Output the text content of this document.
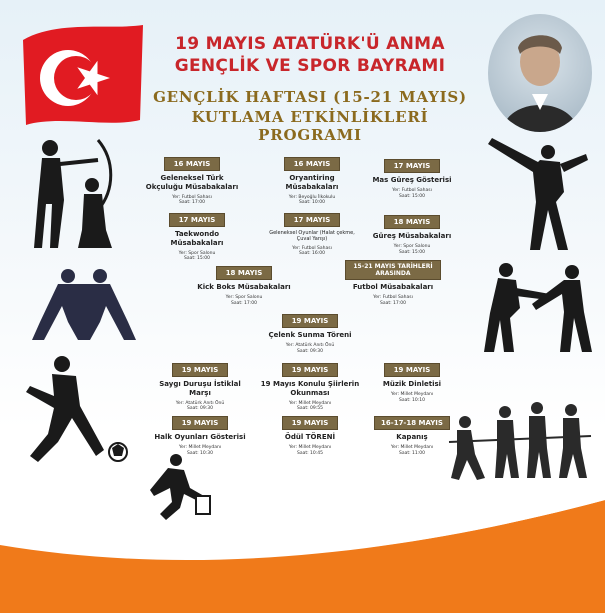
19 MAYIS ATATÜRK'Ü ANMA
GENÇLİK VE SPOR BAYRAMI
GENÇLİK HAFTASI (15-21 MAYIS)
KUTLAMA ETKİNLİKLERİ PROGRAMI
16 MAYIS
Geleneksel Türk Okçuluğu Müsabakaları
Yer: Futbol Sahası
Saat: 17:00
16 MAYIS
Oryantiring Müsabakaları
Yer: Beyoğlu İlkokulu
Saat: 10:00
17 MAYIS
Mas Güreş Gösterisi
Yer: Futbol Sahası
Saat: 15:00
17 MAYIS
Taekwondo Müsabakaları
Yer: Spor Salonu
Saat: 15:00
17 MAYIS
Geleneksel Oyunlar (Halat çekme, Çuval Yarışı)
Yer: Futbol Sahası
Saat: 16:00
18 MAYIS
Güreş Müsabakaları
Yer: Spor Salonu
Saat: 15:00
18 MAYIS
Kick Boks Müsabakaları
Yer: Spor Salonu
Saat: 17:00
15-21 MAYIS TARİHLERİ ARASINDA
Futbol Müsabakaları
Yer: Futbol Sahası
Saat: 17:00
19 MAYIS
Çelenk Sunma Töreni
Yer: Atatürk Anıtı Önü
Saat: 09:30
19 MAYIS
Saygı Duruşu İstiklal Marşı
Yer: Atatürk Anıtı Önü
Saat: 09:30
19 MAYIS
19 Mayıs Konulu Şiirlerin Okunması
Yer: Millet Meydanı
Saat: 09:55
19 MAYIS
Müzik Dinletisi
Yer: Millet Meydanı
Saat: 10:10
19 MAYIS
Halk Oyunları Gösterisi
Yer: Millet Meydanı
Saat: 10:30
19 MAYIS
Ödül TÖRENİ
Yer: Millet Meydanı
Saat: 10:45
16-17-18 MAYIS
Kapanış
Yer: Millet Meydanı
Saat: 11:00
